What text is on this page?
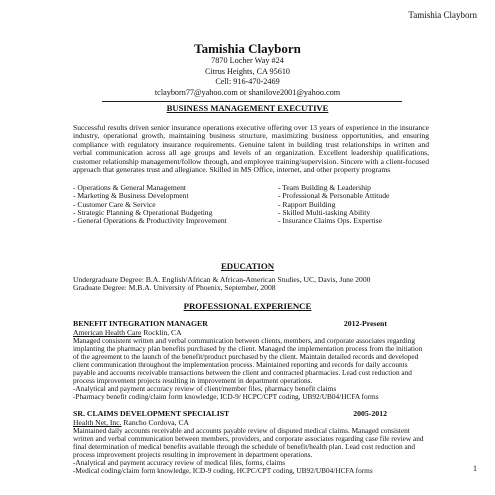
Tamishia Clayborn
Tamishia Clayborn
7870 Locher Way #24
Citrus Heights, CA 95610
Cell: 916-470-2469
tclayborn77@yahoo.com or shanilove2001@yahoo.com
BUSINESS MANAGEMENT EXECUTIVE
Successful results driven senior insurance operations executive offering over 13 years of experience in the insurance industry, operational growth, maintaining business structure, maximizing business opportunities, and ensuring compliance with regulatory insurance requirements. Genuine talent in building trust relationships in written and verbal communication across all age groups and levels of an organization. Excellent leadership qualifications, customer relationship management/follow through, and employee training/supervision. Sincere with a client-focused approach that generates trust and allegiance. Skilled in MS Office, internet, and other property programs
- Operations & General Management
- Marketing & Business Development
- Customer Care & Service
- Strategic Planning & Operational Budgeting
- General Operations & Productivity Improvement
- Team Building & Leadership
- Professional & Personable Attitude
- Rapport Building
- Skilled Multi-tasking Ability
- Insurance Claims Ops. Expertise
EDUCATION
Undergraduate Degree: B.A. English/African & African-American Studies, UC, Davis, June 2000
Graduate Degree: M.B.A. University of Phoenix, September, 2008
PROFESSIONAL EXPERIENCE
BENEFIT INTEGRATION MANAGER	2012-Present
American Health Care Rocklin, CA
Managed consistent written and verbal communication between clients, members, and corporate associates regarding implanting the pharmacy plan benefits purchased by the client. Managed the implementation process from the initiation of the agreement to the launch of the benefit/product purchased by the client. Maintain detailed records and developed client communication throughout the implementation process. Maintained reporting and records for daily accounts payable and accounts receivable transactions between the client and contracted pharmacies. Lead cost reduction and process improvement projects resulting in improvement in department operations.
-Analytical and payment accuracy review of client/member files, pharmacy benefit claims
-Pharmacy benefit coding/claim form knowledge, ICD-9/ HCPC/CPT coding, UB92/UB04/HCFA forms
SR. CLAIMS DEVELOPMENT SPECIALIST	2005-2012
Health Net, Inc. Rancho Cordova, CA
Maintained daily accounts receivable and accounts payable review of disputed medical claims. Managed consistent written and verbal communication between members, providers, and corporate associates regarding case file review and final determination of medical benefits available through the schedule of benefit/health plan. Lead cost reduction and process improvement projects resulting in improvement in department operations.
-Analytical and payment accuracy review of medical files, forms, claims
-Medical coding/claim form knowledge, ICD-9 coding, HCPC/CPT coding, UB92/UB04/HCFA forms	1
